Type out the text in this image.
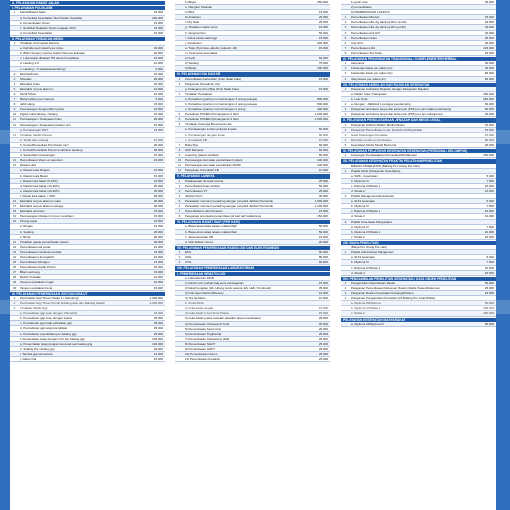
A. PELAYANAN RAWAT JALAN
I. PELAYANAN POLIKLINIK
1	Karcis/Rawat Jalan	15.000
a. Konsultasi Kesehatan Oleh Dokter Spesialis	200.000
b. Pemeriksaan Visum	15.000
c. Sertifikat Swakasir Surat Lengkap 2014	15.000
d. Konsultasi Kesehatan	15.000
II. PELAYANAN TINDAKAN MEDIK
1	Tindakan Unit Gawat Darurat
a. Debridement luka/cross incise	30.000
b. Bilasi Surgery injuries Gastro/Venous Entrapel	20.000
c. Luka bakar dibawah 5% tanpa Komplikasi	15.000
d. Heating 1-5	10.000
e. Heating > 5 (adaptasi/perlaring)	5.000
2	Ekstrasi/Insisi	15.000
3	Sirkulasi	20.000
4	Ekstraksi Kuku	20.000
5	Ekstraksi corpus alienum	15.000
6	Tandi Tirban	10.000
7	Bebat jahitan per luasnya	5.000
8	Jahit ulang	15.000
9	Pemasangan dengan Bleri (pola)	15.000
10	Kigani mata tabung / Selang	15.000
11	Pemasangan / Pelepasan Infus	20.000
12	Pemasangan / Pelepasan Kateter urin	15.000
a. Pemasangan NGT	15.000
13	Tindakan Medik Khusus
a. Tindik daun telinga	10.000
b. Konsul/Konsultasi Pra Dokter Gizi	20.000
c. Konsul/Konsultasi Pra di rumah/luar Gedung	50.000
d. Surat Alami Keterangan	10.000
14	Pemeriksaan Visum et repertum	15.000
15	Rawat Luka
a. Rawat Luka Ringan	15.000
b. Rawat Luka Besar	15.000
c. Rawat luka bakar (5-10%)	15.000
d. Rawat luka bakar (10-20%)	25.000
e. Rawat luka bakar (20-30%)	45.000
f. Rawat luka bakar > 30%	60.000
16	Ekstraksi corpus alienum mata	40.000
17	Ekstraksi corpus alienum telinga	30.000
18	Ekstraksi serumen	15.000
19	Pemasangan Oksigen 2-3 per menit/jam	15.000
20	Pinang sejuk	15.000
a. Ringan	15.000
b. Sedang	20.000
c. Berat	30.000
21	Tindakan gawat pemeriksaan pasien	20.000
22	Pemeriksaan tali pusat	10.000
23	Pemeriksaan insufiensi perbaik	15.000
24	Pemeriksaan Hemoglobin	15.000
25	Pemeriksaan Rontgen	15.000
26	Pemeriksaan Kadar Prarro	20.000
27	Bilas Lambung	15.000
28	Bedah Tiroidale	10.000
29	Tampon epistaksis ringan	10.000
30	Tampon epistaksis berat	15.000
III. PELAYANAN PEMERIKSAAN GIGI DAN MULUT
1	Pembuatan Gigi Tiruan (Tetap 1 / Sebeleng)	1.000.000
2	Pembuatan Gigi Tiruan Penuh Rahang atas dan Rahang bawah	2.000.000
3	Tindakan Medik Gigi
a. Pencabutan gigi susu dengan Chlorethyl	15.000
b. Pencabutan gigi susu dengan injeksi	25.000
c. Pencabutan gigi tetap perbaikan gigi	25.000
d. Pencabutan gigi tetap komplikasi	35.000
e. Pencabutan anestetikan per-batang gigi	25.000
f. Penambalan tetap dengan GIC per-batang gigi	100.000
g. Penambalan tetap dengan komposit per-batang gigi	100.000
h. Scaling Per rahang gigi	40.000
i. Tambal gigi sementara	15.000
j. Gaba Oral	15.000
1) Biaya	250.000
e. Mengkur Tekanan
1) Bibir	15.000
2) Anaksam	25.000
f. Dry Dale	25.000
g. Tindakan medis minor	15.000
h. Gingivectomi	50.000
i. Cabut tunda sakit/ gigi	15.000
j. Gusektomi	300.000
a. Trato (Pyrolova, alkoful, pulpectl, dll)	15.000
m. Kelompok anomatika
1) Kecil	50.000
2) Sedang	75.000
3) Besar	100.000
IV. PELAYANAN KIA DAN KB
1	Pemeriksaan kehamilan (Ante Natal Care)	15.000
2	Pelayanan Persalinan (Isi)
a. Pelayanan Ibu Nifas (Post Natal Care)	15.000
3	Tindakan Persalinan
a. Persalinan (partus) normal dengan 3 orang petugas	800.000
b. Persalinan (partus) normal dengan 2 orang petugas	600.000
c. Persalinan (partus) normal dengan 1 orang	400.000
4	Persalinan PONED (Penanganan 2 hari)	1.000.000
5	Persalinan PONED (Penanganan 3 hari)	1.500.000
6	Tindakan Keluarga Berencana Lain
a. Pemasangan implan pelepas implan	50.000
b. Pemasangan dengan tiruan	60.000
c. Konsultasi KB	10.000
7	Buka Ppa	60.000
8	Sirih Mamosa	60.000
9	Liweritng (pasca Vertikal)	50.000
10	Pemasangan dan atau pencabutan Implant	100.000
11	Pemasangan dan atau pencabutan AKDR	100.000
12	Pelepasan Konsultasi KB	10.000
V. PELAYANAN LAINNYA
1	Pelaksanaan Surveal control	25.000
2	Pemeriksaan buat vertikal	50.000
3	Pemeriksaan VT	25.000
4	Jahitan Perin	35.000
5	Perawatan normal 2 penadrng dengan penyakit Jahitan Perinstruk	1.000.000
6	Perawatan normal 3 penadrng dengan penyakit Jahitan Perinstruk	1.100.000
7	Pemeriksaan Luka Perawan	15.000
8	Pelepasan pre-injeksi penambaan jdi luar tarif sabatinnya	150.000
VI. PELAYANAN RAWAT INAP (PER HARI)
a. Biaya akomodasi tetapu maksur/hari	50.000
b. Biaya akomodasi tetapu maksur/hari	50.000
c. Jasa konsultan KB	15.000
d. Visit Dokter Umum	20.000
VII. PELAYANAN PEMERIKSAAN RADIOLOGI DAN ELEKTROMEDIS
1	EKG	50.000
2	USG	80.000
3	CTG	60.000
VIII. PELAYANAN PEMERIKSAAN LABORATORIUM
I. PEMERIKSAAN HEMATOLOGI
a. Laboratorium Klinik
1) Darah rutin (sebab bag jenis penanganan	15.000
2) Darah lengkap (Hb, Hitung Jenis Lekosit, Eb, LED, Trombosit)	35.000
3) Golongan Darah (Rhesus)	10.000
4) Tes Gerakan	10.000
b. Kimia Klinik
1) Gula darah sesaat	15.000
2) Gula darah 2 Jam Post Prania	15.000
3) Gula darah puasa (setelah dewaktu dua pemeriksaan)	25.000
4) Pemeriksaan Cholesterol Total	25.000
5) Pemeriksaan Asam Urat	20.000
6) Pemeriksaan Trigliserida	25.000
7) Pemeriksaan Cholesterol (Hdl)	25.000
8) Pemeriksaan SGOT	25.000
9) Pemeriksaan SGPT	25.000
10) Pemeriksaan Ureum	25.000
11) Pemeriksaan Kreatinin	25.000
1) ppeh vete	25.000
2) pemeriksaan
9) PEMERIKSAAN LAINNYA
1	Pemeriksaan Rhesus	15.000
2	Pemeriksaan Hbs Ag (lainnya Rhu Jernih)	40.000
3	Pemeriksaan Hbs Ag (lainnya Rhu jernih)	40.000
4	Pemeriksaan Anti HIV	40.000
5	Pemeriksaan Gram	25.000
6	Anti HCV	30.000
7	Pemeriksaan LDA	125.000
8	Pemeriksaan Tes Tetas	15.000
IX. PELAYANAN PENGOBATAN TRADISIONAL / KOMPLEMENTER/HERBAL
1	Akupuntur	50.000
2	Fisioterapi dasar per pakel (1x)	40.000
3	Fisioterapi dasar per paket (2x)	80.000
4	Akupresure per paket (1x)	50.000
XII. PELAYANAN AMBULAN DAN RUJUKAN KESEHATAN
1	Pelayanan Ambulans Rujukan dengan Pelayanan Rujukan
a. Dalam Kota / Kabupaten	150.000
b. Luar Kota	250.000
2	a. Dengan : Jdikdtanl 1 petugas pendamping	50.000
3	Pelayanan ambulans tanpa dan kelompok (PSK) per jam tidak pendamping	60.000
4	Pelayanan ambulans tanpa dan kelompok (PSK) per jam selanjutnya	30.000
X. PELAYANAN PEMULASARAAN JENAZAH DAN MEDIS LEGAL
1	Pelayanan Sullivan Bidam Medis Pasien	15.000
2	Pelayanan Pemeriksaan Luar Jenazah di Masyarakat	50.000
3	Surat Keterangan Kematian	15.000
4	Bersihan medis non Ambulans	50.000
5	Kesehatan Medis Model Barcorret	20.000
XI. PELAYANAN PELATIHAN KESEHATAN KESEHATAN (PERSONAL/ KELOMPOK)
1	Kunjungan Pembelajaran Pemecahan/Kolaborasi	150.000
XII. PELAYANAN KESEHATAN PRAKTIK PELATIHAN/PENELITIAN
BIDANG KESEHATAN (Bidang Per Orang Per Hari)
1	Praktik Klinik (Pelayanan Kesehatan)
a. SMK - Kesehatan	5.000
b. Diploma III	7.500
c. Diploma IV/Strata 1	10.000
d. Strata 2	10.000
2	Praktik Manajemen/Administrasi
a. SLTA sederajat	5.000
b. Diploma III	7.500
c. Diploma IV/Strata 1	10.000
d. Strata 2	10.000
3	Praktik Kesehatan Masyarakat
a. Diploma III	7.500
b. Diploma IV/Strata 1	10.000
c. Strata 2	15.000
XIII. BIAYA PENELITIAN
(Biaya Per Orang Per Hari)
1	Praktik Administrasi Manajemen
a. SLTA sederajat	5.000
b. Diploma III	7.500
c. Diploma IV/Strata 1	10.000
d. Strata 2	15.000
XIV. PENGAMBILAN PENELITIAN KESEHATAN / DATA OBJEK PENELITIAN
1	Pengambilan Data Rekam Medis	50.000
2	Pelayanan Pemeriksaan Dokumen Rekam Medis Pasien/Dokumen	25.000
3	Pelayanan Rekam Kesehatan Keluarga/Pasien	15.000
4	Pelayanan Pengambilan Penelitian (Di Bidang Per Judul/Paket)
a. Diploma III/Diploma	50.000
b. Diploma IV/Strata 1	100.000
c. Strata 2	150.000
PELAYANAN KESEHATAN MASYARAKAT
a. Diploma III/Diploma IV	50.000
